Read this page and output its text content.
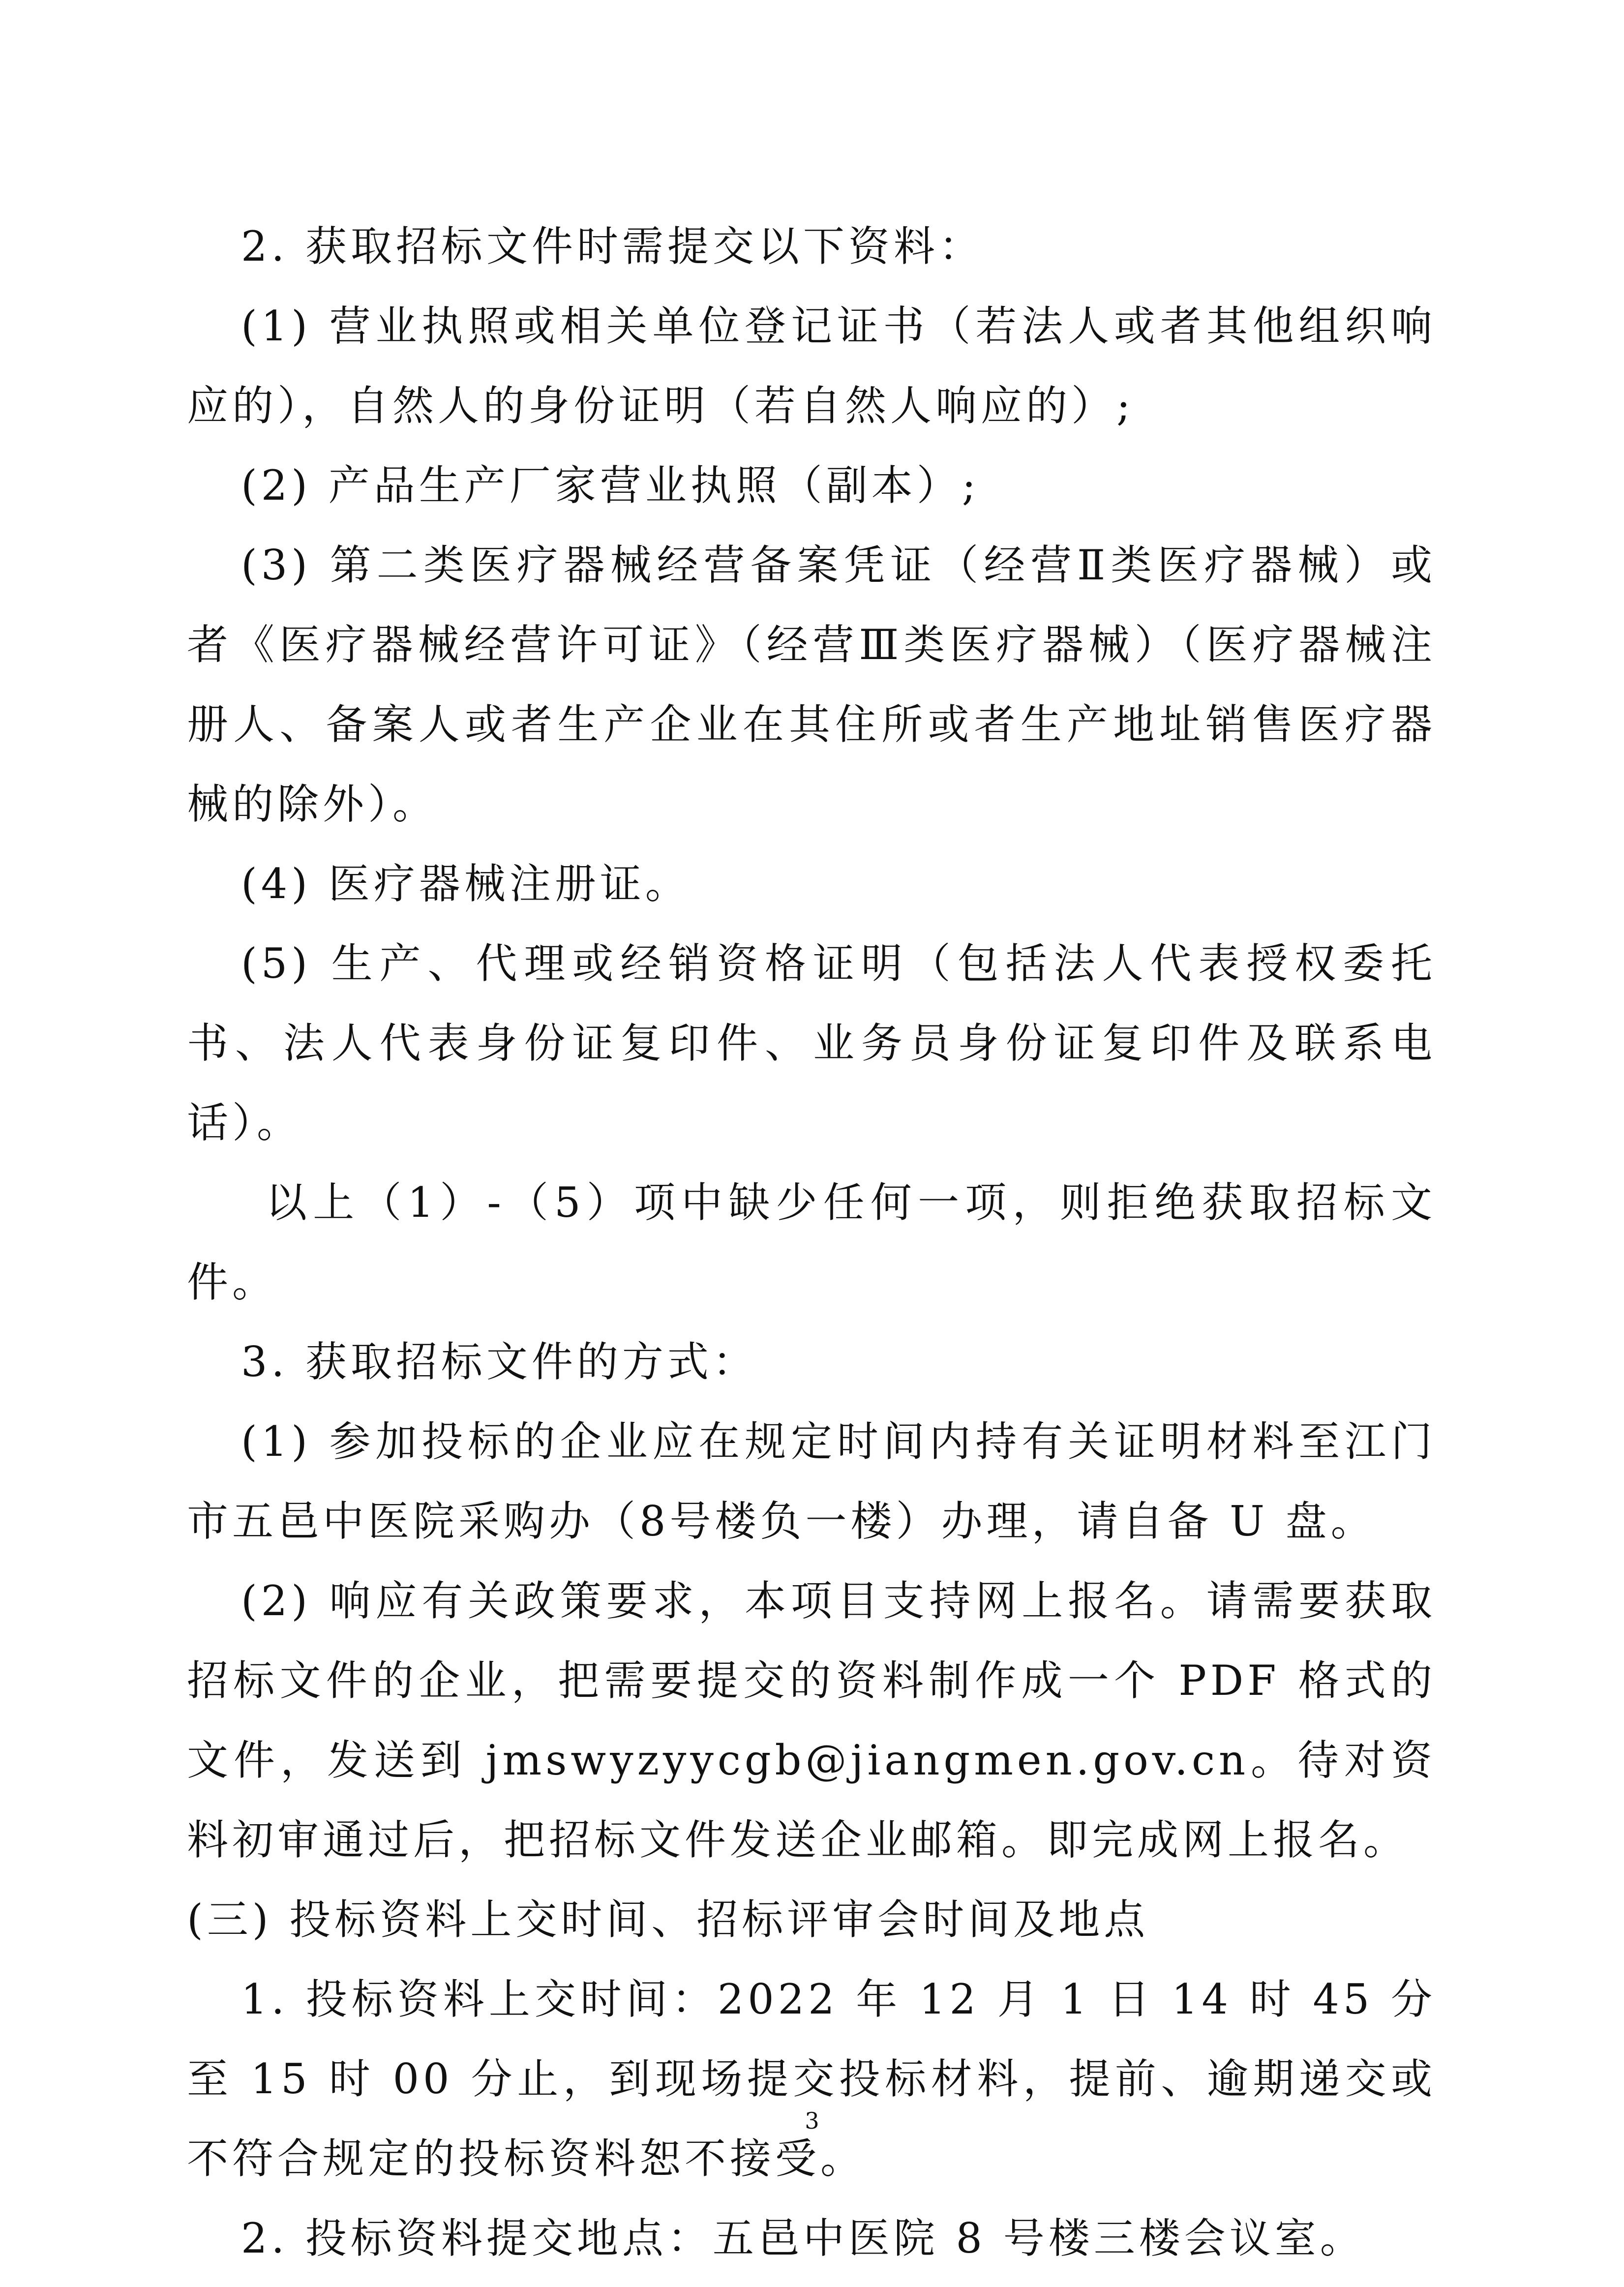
2. 获取招标文件时需提交以下资料：

(1) 营业执照或相关单位登记证书（若法人或者其他组织响应的），自然人的身份证明（若自然人响应的）;

(2) 产品生产厂家营业执照（副本）;

(3) 第二类医疗器械经营备案凭证（经营Ⅱ类医疗器械）或者《医疗器械经营许可证》（经营Ⅲ类医疗器械）（医疗器械注册人、备案人或者生产企业在其住所或者生产地址销售医疗器械的除外）。

(4) 医疗器械注册证。

(5) 生产、代理或经销资格证明（包括法人代表授权委托书、法人代表身份证复印件、业务员身份证复印件及联系电话）。

以上（1）-（5）项中缺少任何一项，则拒绝获取招标文件。

3. 获取招标文件的方式：

(1) 参加投标的企业应在规定时间内持有关证明材料至江门市五邑中医院采购办（8号楼负一楼）办理，请自备 U 盘。

(2) 响应有关政策要求，本项目支持网上报名。请需要获取招标文件的企业，把需要提交的资料制作成一个 PDF 格式的文件，发送到 jmswyzyycgb@jiangmen.gov.cn。待对资料初审通过后，把招标文件发送企业邮箱。即完成网上报名。

(三) 投标资料上交时间、招标评审会时间及地点

1. 投标资料上交时间：2022 年 12 月 1 日 14 时 45 分至 15 时 00 分止，到现场提交投标材料，提前、逾期递交或不符合规定的投标资料恕不接受。

2. 投标资料提交地点：五邑中医院 8 号楼三楼会议室。

3
